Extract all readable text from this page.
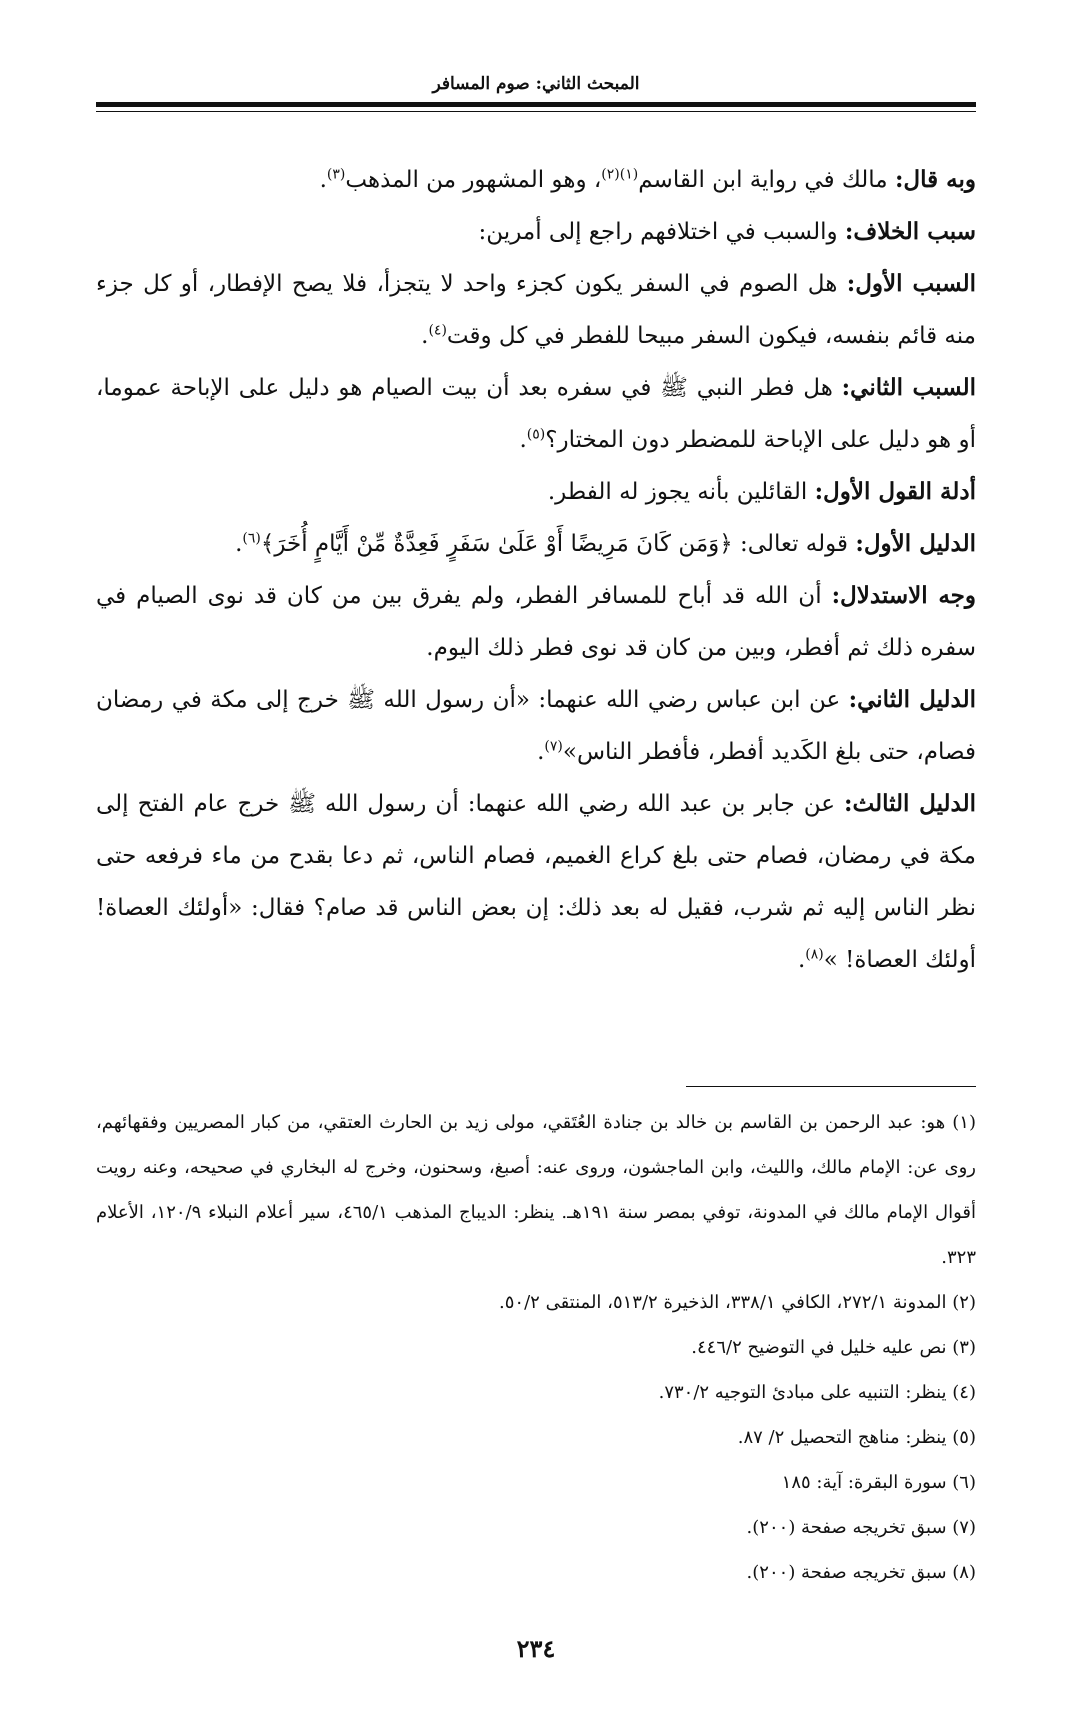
المبحث الثاني: صوم المسافر

وبه قال: مالك في رواية ابن القاسم$^{(١)(٢)}$، وهو المشهور من المذهب$^{(٣)}$.

سبب الخلاف: والسبب في اختلافهم راجع إلى أمرين:

السبب الأول: هل الصوم في السفر يكون كجزء واحد لا يتجزأ، فلا يصح الإفطار، أو كل جزء منه قائم بنفسه، فيكون السفر مبيحا للفطر في كل وقت$^{(٤)}$.

السبب الثاني: هل فطر النبي ﷺ في سفره بعد أن بيت الصيام هو دليل على الإباحة عموما، أو هو دليل على الإباحة للمضطر دون المختار؟$^{(٥)}$.

أدلة القول الأول: القائلين بأنه يجوز له الفطر.

الدليل الأول: قوله تعالى: ﴿وَمَن كَانَ مَرِيضًا أَوْ عَلَىٰ سَفَرٍ فَعِدَّةٌ مِّنْ أَيَّامٍ أُخَرَ﴾$^{(٦)}$.

وجه الاستدلال: أن الله قد أباح للمسافر الفطر، ولم يفرق بين من كان قد نوى الصيام في سفره ذلك ثم أفطر، وبين من كان قد نوى فطر ذلك اليوم.

الدليل الثاني: عن ابن عباس رضي الله عنهما: «أن رسول الله ﷺ خرج إلى مكة في رمضان فصام، حتى بلغ الكَديد أفطر، فأفطر الناس»$^{(٧)}$.

الدليل الثالث: عن جابر بن عبد الله رضي الله عنهما: أن رسول الله ﷺ خرج عام الفتح إلى مكة في رمضان، فصام حتى بلغ كراع الغميم، فصام الناس، ثم دعا بقدح من ماء فرفعه حتى نظر الناس إليه ثم شرب، فقيل له بعد ذلك: إن بعض الناس قد صام؟ فقال: «أولئك العصاة! أولئك العصاة! »$^{(٨)}$.

(١) هو: عبد الرحمن بن القاسم بن خالد بن جنادة العُتَقي، مولى زيد بن الحارث العتقي، من كبار المصريين وفقهائهم، روى عن: الإمام مالك، والليث، وابن الماجشون، وروى عنه: أصبغ، وسحنون، وخرج له البخاري في صحيحه، وعنه رويت أقوال الإمام مالك في المدونة، توفي بمصر سنة ١٩١هـ. ينظر: الديباج المذهب ٤٦٥/١، سير أعلام النبلاء ١٢٠/٩، الأعلام ٣٢٣.

(٢) المدونة ٢٧٢/١، الكافي ٣٣٨/١، الذخيرة ٥١٣/٢، المنتقى ٥٠/٢.

(٣) نص عليه خليل في التوضيح ٤٤٦/٢.

(٤) ينظر: التنبيه على مبادئ التوجيه ٧٣٠/٢.

(٥) ينظر: مناهج التحصيل ٢/ ٨٧.

(٦) سورة البقرة: آية: ١٨٥

(٧) سبق تخريجه صفحة (٢٠٠).

(٨) سبق تخريجه صفحة (٢٠٠).

٢٣٤
